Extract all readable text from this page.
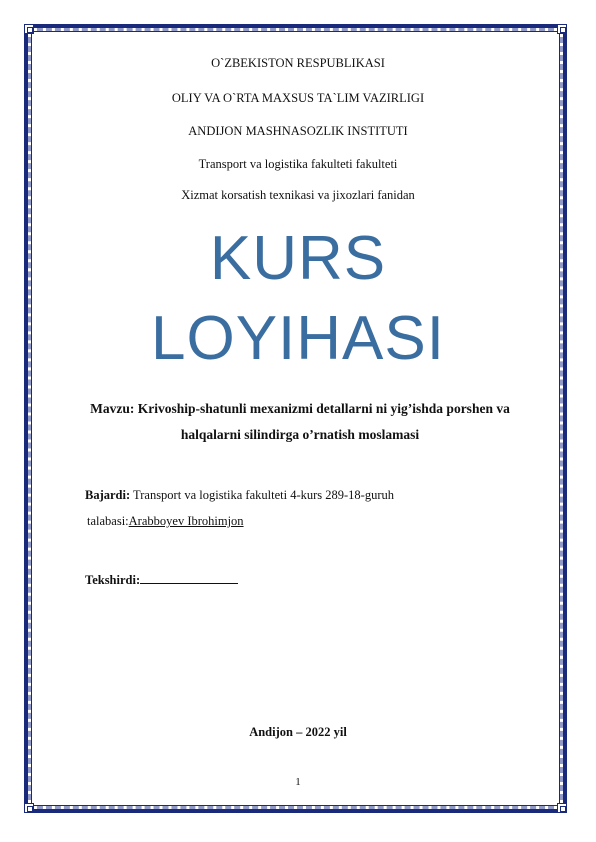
O`ZBEKISTON RESPUBLIKASI
OLIY VA O`RTA MAXSUS TA`LIM VAZIRLIGI
ANDIJON MASHNASOZLIK INSTITUTI
Transport va logistika fakulteti fakulteti
Xizmat korsatish texnikasi va jixozlari fanidan
KURS
LOYIHASI
Mavzu: Krivoship-shatunli mexanizmi detallarni ni yig’ishda porshen va halqalarni silindirga o’rnatish moslamasi
Bajardi: Transport va logistika fakulteti 4-kurs 289-18-guruh
talabasi:Arabboyev Ibrohimjon
Tekshirdi:
Andijon – 2022 yil
1
